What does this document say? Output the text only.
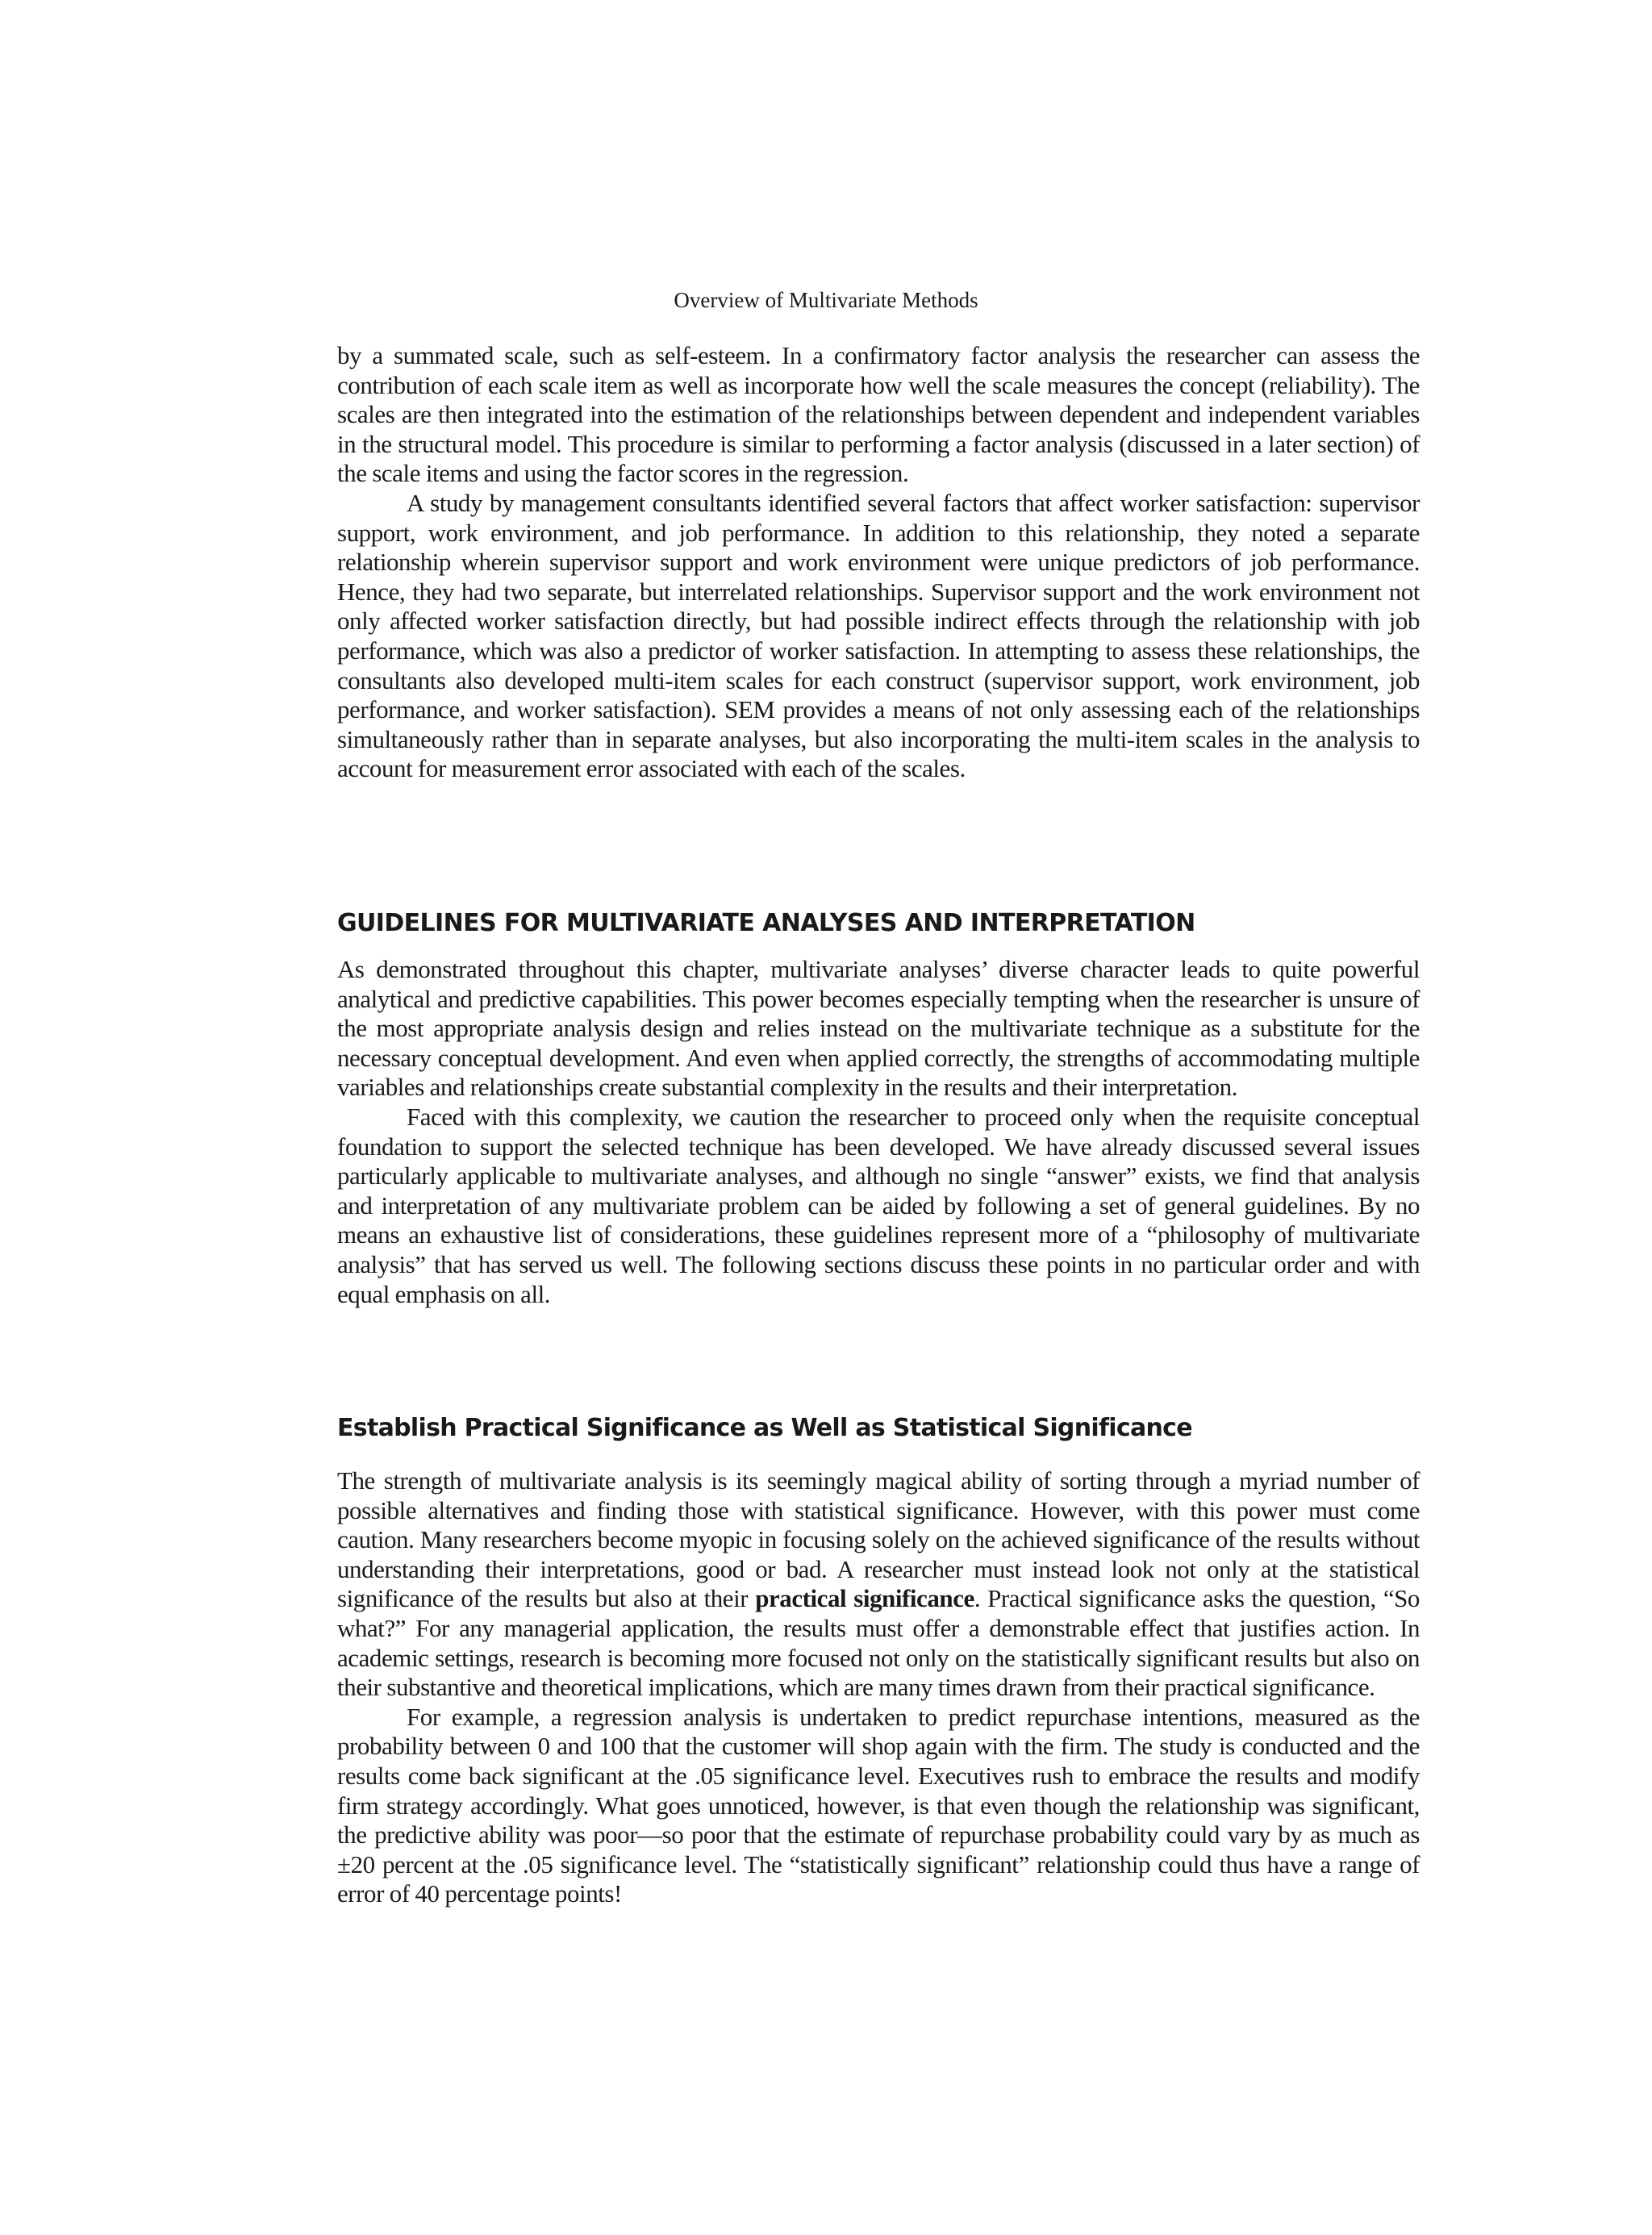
Overview of Multivariate Methods

by a summated scale, such as self-esteem. In a confirmatory factor analysis the researcher can assess the contribution of each scale item as well as incorporate how well the scale measures the concept (reliability). The scales are then integrated into the estimation of the relationships between dependent and independent variables in the structural model. This procedure is similar to performing a factor analysis (discussed in a later section) of the scale items and using the factor scores in the regression.

A study by management consultants identified several factors that affect worker satisfaction: supervisor support, work environment, and job performance. In addition to this relationship, they noted a separate relationship wherein supervisor support and work environment were unique predictors of job performance. Hence, they had two separate, but interrelated relationships. Supervisor support and the work environment not only affected worker satisfaction directly, but had possible indirect effects through the relationship with job performance, which was also a predictor of worker satisfaction. In attempting to assess these relationships, the consultants also developed multi-item scales for each construct (supervisor support, work environment, job performance, and worker satisfaction). SEM provides a means of not only assessing each of the relationships simultaneously rather than in separate analyses, but also incorporating the multi-item scales in the analysis to account for measurement error associated with each of the scales.

GUIDELINES FOR MULTIVARIATE ANALYSES AND INTERPRETATION

As demonstrated throughout this chapter, multivariate analyses’ diverse character leads to quite powerful analytical and predictive capabilities. This power becomes especially tempting when the researcher is unsure of the most appropriate analysis design and relies instead on the multivariate technique as a substitute for the necessary conceptual development. And even when applied correctly, the strengths of accommodating multiple variables and relationships create substantial complexity in the results and their interpretation.

Faced with this complexity, we caution the researcher to proceed only when the requisite conceptual foundation to support the selected technique has been developed. We have already discussed several issues particularly applicable to multivariate analyses, and although no single “answer” exists, we find that analysis and interpretation of any multivariate problem can be aided by following a set of general guidelines. By no means an exhaustive list of considerations, these guidelines represent more of a “philosophy of multivariate analysis” that has served us well. The following sections discuss these points in no particular order and with equal emphasis on all.

Establish Practical Significance as Well as Statistical Significance

The strength of multivariate analysis is its seemingly magical ability of sorting through a myriad number of possible alternatives and finding those with statistical significance. However, with this power must come caution. Many researchers become myopic in focusing solely on the achieved significance of the results without understanding their interpretations, good or bad. A researcher must instead look not only at the statistical significance of the results but also at their practical significance. Practical significance asks the question, “So what?” For any managerial application, the results must offer a demonstrable effect that justifies action. In academic settings, research is becoming more focused not only on the statistically significant results but also on their substantive and theoretical implications, which are many times drawn from their practical significance.

For example, a regression analysis is undertaken to predict repurchase intentions, measured as the probability between 0 and 100 that the customer will shop again with the firm. The study is conducted and the results come back significant at the .05 significance level. Executives rush to embrace the results and modify firm strategy accordingly. What goes unnoticed, however, is that even though the relationship was significant, the predictive ability was poor—so poor that the estimate of repurchase probability could vary by as much as ±20 percent at the .05 significance level. The “statistically significant” relationship could thus have a range of error of 40 percentage points!
